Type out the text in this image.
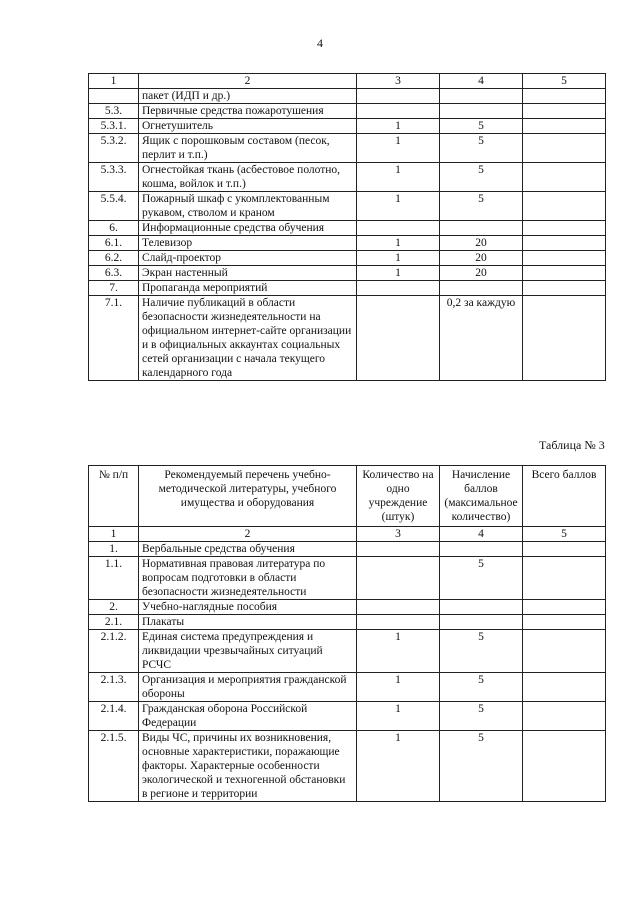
4
1	2	3	4	5
	пакет (ИДП и др.)			
5.3.	Первичные средства пожаротушения			
5.3.1.	Огнетушитель	1	5	
5.3.2.	Ящик с порошковым составом (песок, перлит и т.п.)	1	5	
5.3.3.	Огнестойкая ткань (асбестовое полотно, кошма, войлок и т.п.)	1	5	
5.5.4.	Пожарный шкаф с укомплектованным рукавом, стволом и краном	1	5	
6.	Информационные средства обучения			
6.1.	Телевизор	1	20	
6.2.	Слайд-проектор	1	20	
6.3.	Экран настенный	1	20	
7.	Пропаганда мероприятий			
7.1.	Наличие публикаций в области безопасности жизнедеятельности на официальном интернет-сайте организации и в официальных аккаунтах социальных сетей организации с начала текущего календарного года		0,2 за каждую	
Таблица № 3
№ п/п	Рекомендуемый перечень учебно-методической литературы, учебного имущества и оборудования	Количество на одно учреждение (штук)	Начисление баллов (максимальное количество)	Всего баллов
1	2	3	4	5
1.	Вербальные средства обучения			
1.1.	Нормативная правовая литература по вопросам подготовки в области безопасности жизнедеятельности		5	
2.	Учебно-наглядные пособия			
2.1.	Плакаты			
2.1.2.	Единая система предупреждения и ликвидации чрезвычайных ситуаций РСЧС	1	5	
2.1.3.	Организация и мероприятия гражданской обороны	1	5	
2.1.4.	Гражданская оборона Российской Федерации	1	5	
2.1.5.	Виды ЧС, причины их возникновения, основные характеристики, поражающие факторы. Характерные особенности экологической и техногенной обстановки в регионе и территории	1	5	
